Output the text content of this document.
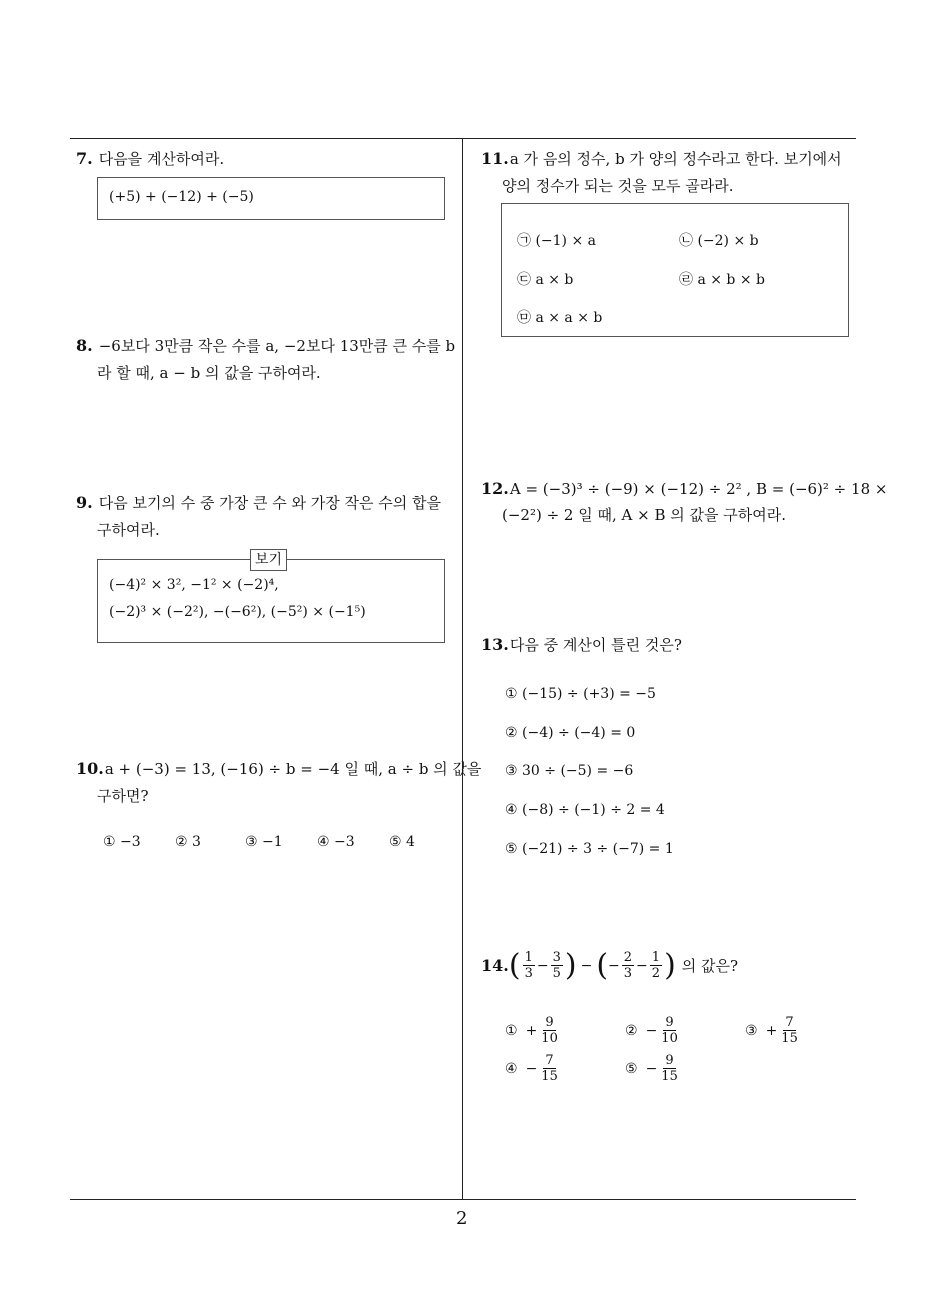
2
7. 다음을 계산하여라.
(+5) + (−12) + (−5)
8. −6보다 3만큼 작은 수를 a, −2보다 13만큼 큰 수를 b
라 할 때, a − b 의 값을 구하여라.
9. 다음 보기의 수 중 가장 큰 수 와 가장 작은 수의 합을
구하여라.
보기
(−4)² × 3², −1² × (−2)⁴,
(−2)³ × (−2²), −(−6²), (−5²) × (−1⁵)
10.a + (−3) = 13, (−16) ÷ b = −4 일 때, a ÷ b 의 값을
구하면?
① −3 ② 3	③ −1 ④ −3 ⑤ 4
11.a 가 음의 정수, b 가 양의 정수라고 한다. 보기에서
양의 정수가 되는 것을 모두 골라라.
㉠ (−1) × a	㉡ (−2) × b
㉢ a × b	㉣ a × b × b
㉤ a × a × b
12.A = (−3)³ ÷ (−9) × (−12) ÷ 2² , B = (−6)² ÷ 18 ×
(−2²) ÷ 2 일 때, A × B 의 값을 구하여라.
13.다음 중 계산이 틀린 것은?
① (−15) ÷ (+3) = −5
② (−4) ÷ (−4) = 0
③ 30 ÷ (−5) = −6
④ (−8) ÷ (−1) ÷ 2 = 4
⑤ (−21) ÷ 3 ÷ (−7) = 1
14. ( $\frac{1}{3} - \frac{3}{5}$ ) − ( − $\frac{2}{3} - \frac{1}{2}$ ) 의 값은?
① + $\frac{9}{10}$	② − $\frac{9}{10}$	③ + $\frac{7}{15}$
④ − $\frac{7}{15}$	⑤ − $\frac{9}{15}$
